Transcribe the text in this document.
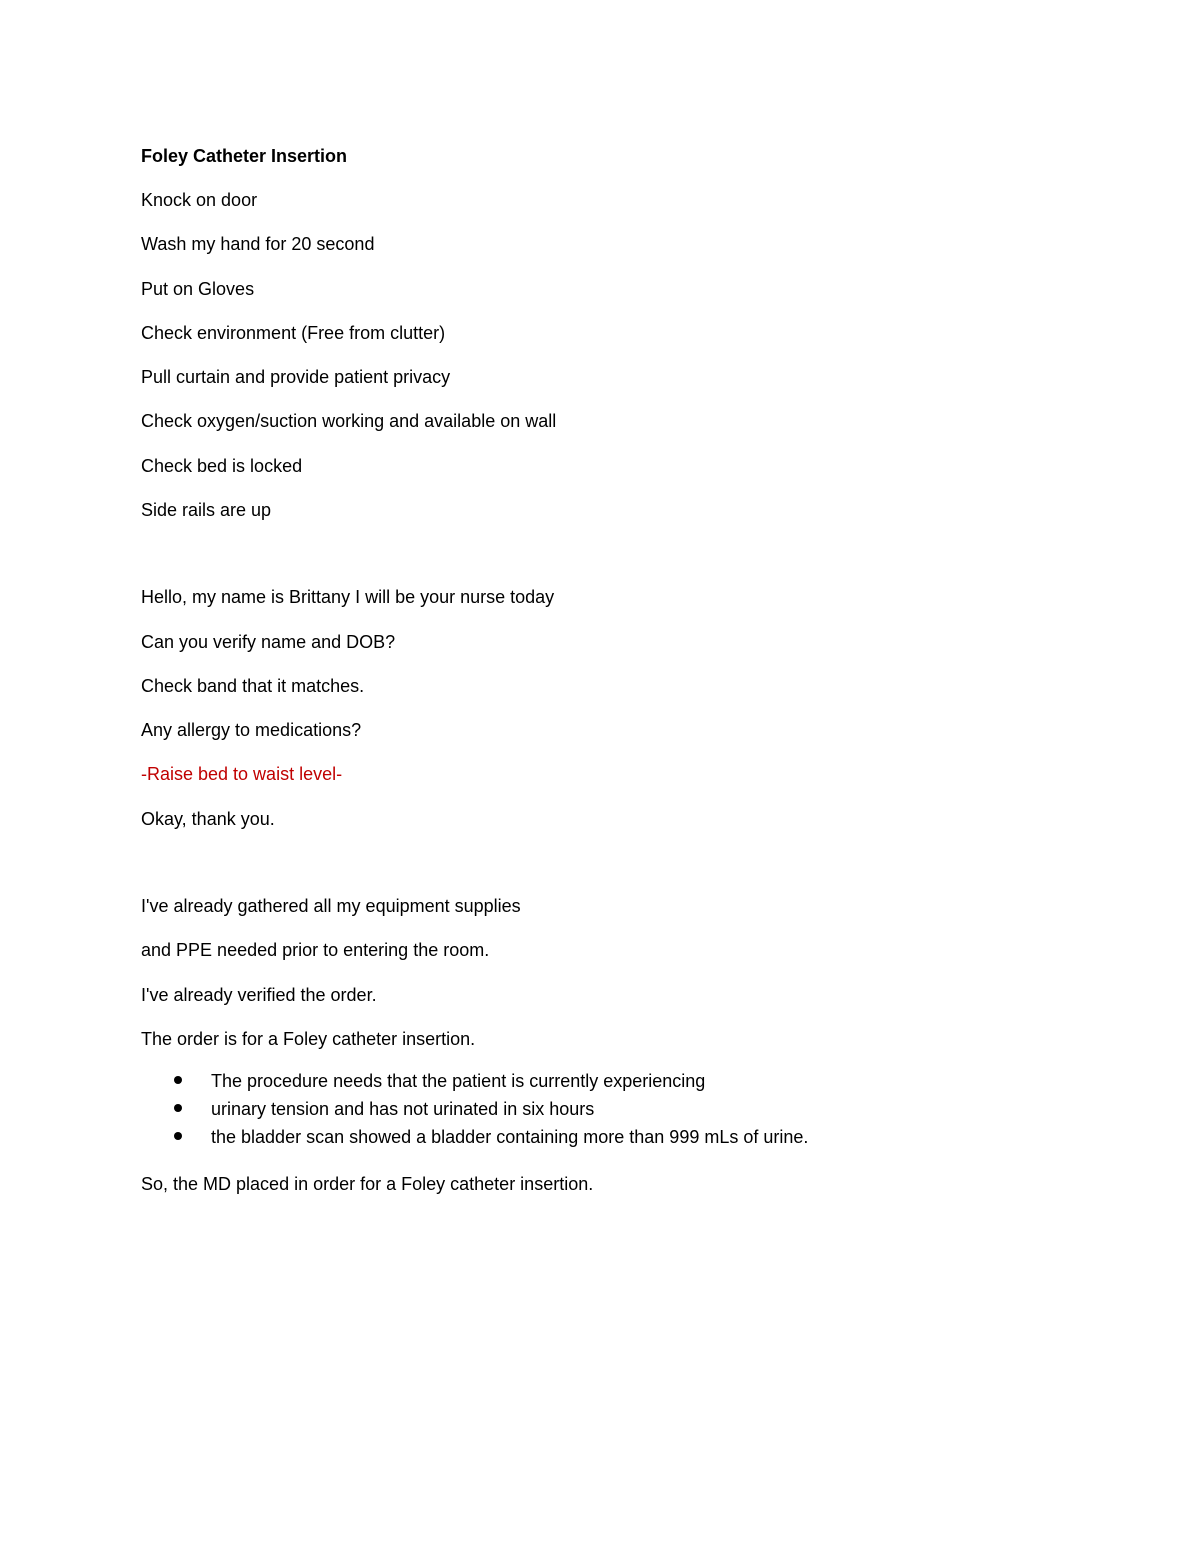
Foley Catheter Insertion
Knock on door
Wash my hand for 20 second
Put on Gloves
Check environment (Free from clutter)
Pull curtain and provide patient privacy
Check oxygen/suction working and available on wall
Check bed is locked
Side rails are up
Hello, my name is Brittany I will be your nurse today
Can you verify name and DOB?
Check band that it matches.
Any allergy to medications?
-Raise bed to waist level-
Okay, thank you.
I've already gathered all my equipment supplies
and PPE needed prior to entering the room.
I've already verified the order.
The order is for a Foley catheter insertion.
The procedure needs that the patient is currently experiencing
urinary tension and has not urinated in six hours
the bladder scan showed a bladder containing more than 999 mLs of urine.
So, the MD placed in order for a Foley catheter insertion.
